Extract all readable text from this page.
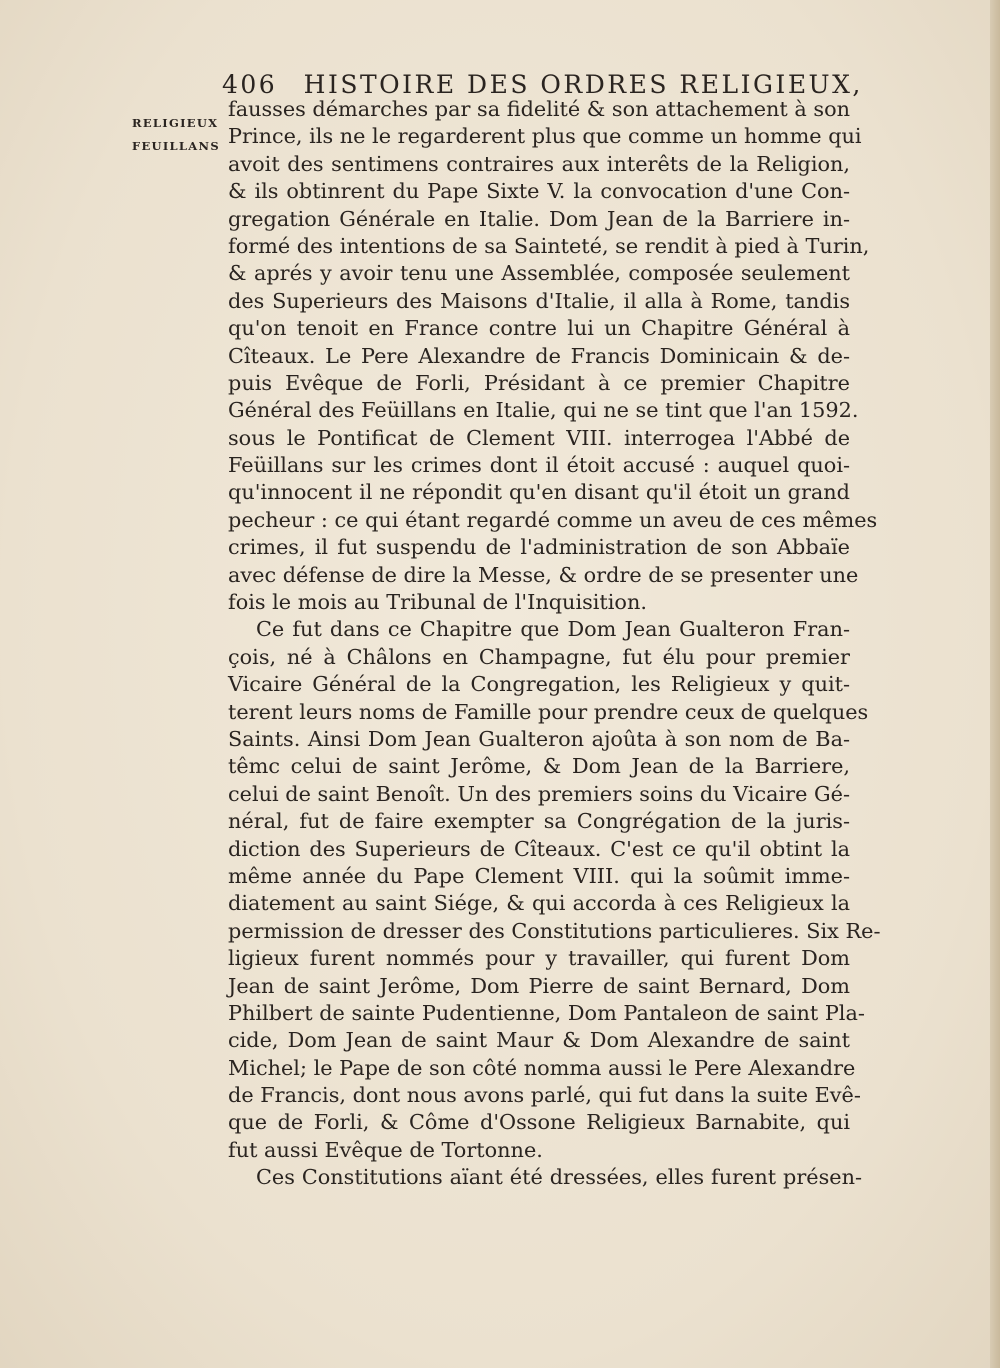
406 HISTOIRE DES ORDRES RELIGIEUX,
RELIGIEUX
FEUILLANS
fausses démarches par sa fidelité & son attachement à son
Prince, ils ne le regarderent plus que comme un homme qui
avoit des sentimens contraires aux interêts de la Religion,
& ils obtinrent du Pape Sixte V. la convocation d'une Con-
gregation Générale en Italie. Dom Jean de la Barriere in-
formé des intentions de sa Sainteté, se rendit à pied à Turin,
& aprés y avoir tenu une Assemblée, composée seulement
des Superieurs des Maisons d'Italie, il alla à Rome, tandis
qu'on tenoit en France contre lui un Chapitre Général à
Cîteaux. Le Pere Alexandre de Francis Dominicain & de-
puis Evêque de Forli, Présidant à ce premier Chapitre
Général des Feüillans en Italie, qui ne se tint que l'an 1592.
sous le Pontificat de Clement VIII. interrogea l'Abbé de
Feüillans sur les crimes dont il étoit accusé : auquel quoi-
qu'innocent il ne répondit qu'en disant qu'il étoit un grand
pecheur : ce qui étant regardé comme un aveu de ces mêmes
crimes, il fut suspendu de l'administration de son Abbaïe
avec défense de dire la Messe, & ordre de se presenter une
fois le mois au Tribunal de l'Inquisition.
Ce fut dans ce Chapitre que Dom Jean Gualteron Fran-
çois, né à Châlons en Champagne, fut élu pour premier
Vicaire Général de la Congregation, les Religieux y quit-
terent leurs noms de Famille pour prendre ceux de quelques
Saints. Ainsi Dom Jean Gualteron ajoûta à son nom de Ba-
têmc celui de saint Jerôme, & Dom Jean de la Barriere,
celui de saint Benoît. Un des premiers soins du Vicaire Gé-
néral, fut de faire exempter sa Congrégation de la juris-
diction des Superieurs de Cîteaux. C'est ce qu'il obtint la
même année du Pape Clement VIII. qui la soûmit imme-
diatement au saint Siége, & qui accorda à ces Religieux la
permission de dresser des Constitutions particulieres. Six Re-
ligieux furent nommés pour y travailler, qui furent Dom
Jean de saint Jerôme, Dom Pierre de saint Bernard, Dom
Philbert de sainte Pudentienne, Dom Pantaleon de saint Pla-
cide, Dom Jean de saint Maur & Dom Alexandre de saint
Michel; le Pape de son côté nomma aussi le Pere Alexandre
de Francis, dont nous avons parlé, qui fut dans la suite Evê-
que de Forli, & Côme d'Ossone Religieux Barnabite, qui
fut aussi Evêque de Tortonne.
Ces Constitutions aïant été dressées, elles furent présen-
